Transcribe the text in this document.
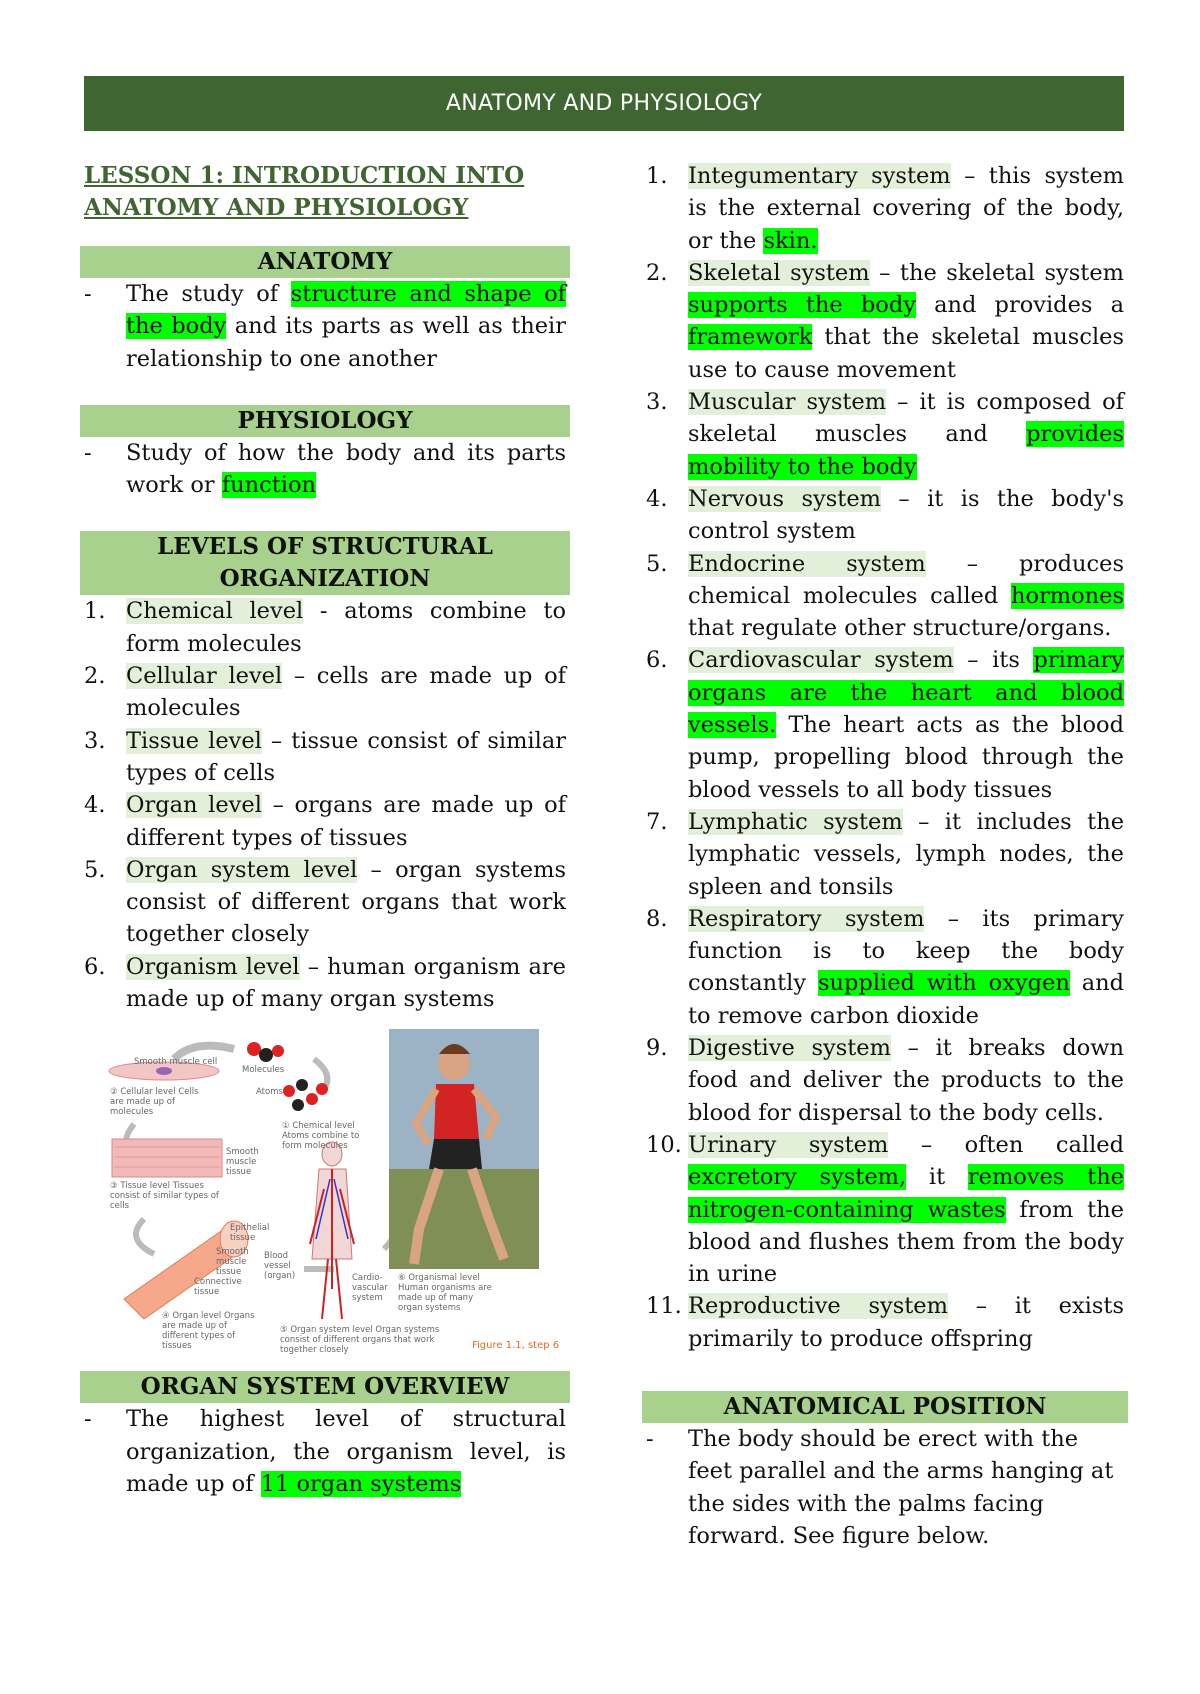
ANATOMY AND PHYSIOLOGY
LESSON 1: INTRODUCTION INTO ANATOMY AND PHYSIOLOGY
ANATOMY
-	The study of structure and shape of the body and its parts as well as their relationship to one another
PHYSIOLOGY
-	Study of how the body and its parts work or function
LEVELS OF STRUCTURAL ORGANIZATION
1. Chemical level - atoms combine to form molecules
2. Cellular level – cells are made up of molecules
3. Tissue level – tissue consist of similar types of cells
4. Organ level – organs are made up of different types of tissues
5. Organ system level – organ systems consist of different organs that work together closely
6. Organism level – human organism are made up of many organ systems
Smooth muscle cell
Molecules
Atoms
② Cellular level Cells are made up of molecules
① Chemical level Atoms combine to form molecules
Smooth muscle tissue
③ Tissue level Tissues consist of similar types of cells
Epithelial tissue
Smooth muscle tissue
Connective tissue
Blood vessel (organ)	Cardio- vascular system
⑥ Organismal level Human organisms are made up of many organ systems
④ Organ level Organs are made up of different types of tissues
⑤ Organ system level Organ systems consist of different organs that work together closely	Figure 1.1, step 6
ORGAN SYSTEM OVERVIEW
-	The highest level of structural organization, the organism level, is made up of 11 organ systems
1. Integumentary system – this system is the external covering of the body, or the skin.
2. Skeletal system – the skeletal system supports the body and provides a framework that the skeletal muscles use to cause movement
3. Muscular system – it is composed of skeletal muscles and provides mobility to the body
4. Nervous system – it is the body's control system
5. Endocrine system – produces chemical molecules called hormones that regulate other structure/organs.
6. Cardiovascular system – its primary organs are the heart and blood vessels. The heart acts as the blood pump, propelling blood through the blood vessels to all body tissues
7. Lymphatic system – it includes the lymphatic vessels, lymph nodes, the spleen and tonsils
8. Respiratory system – its primary function is to keep the body constantly supplied with oxygen and to remove carbon dioxide
9. Digestive system – it breaks down food and deliver the products to the blood for dispersal to the body cells.
10. Urinary system – often called excretory system, it removes the nitrogen-containing wastes from the blood and flushes them from the body in urine
11. Reproductive system – it exists primarily to produce offspring
ANATOMICAL POSITION
-	The body should be erect with the feet parallel and the arms hanging at the sides with the palms facing forward. See figure below.
